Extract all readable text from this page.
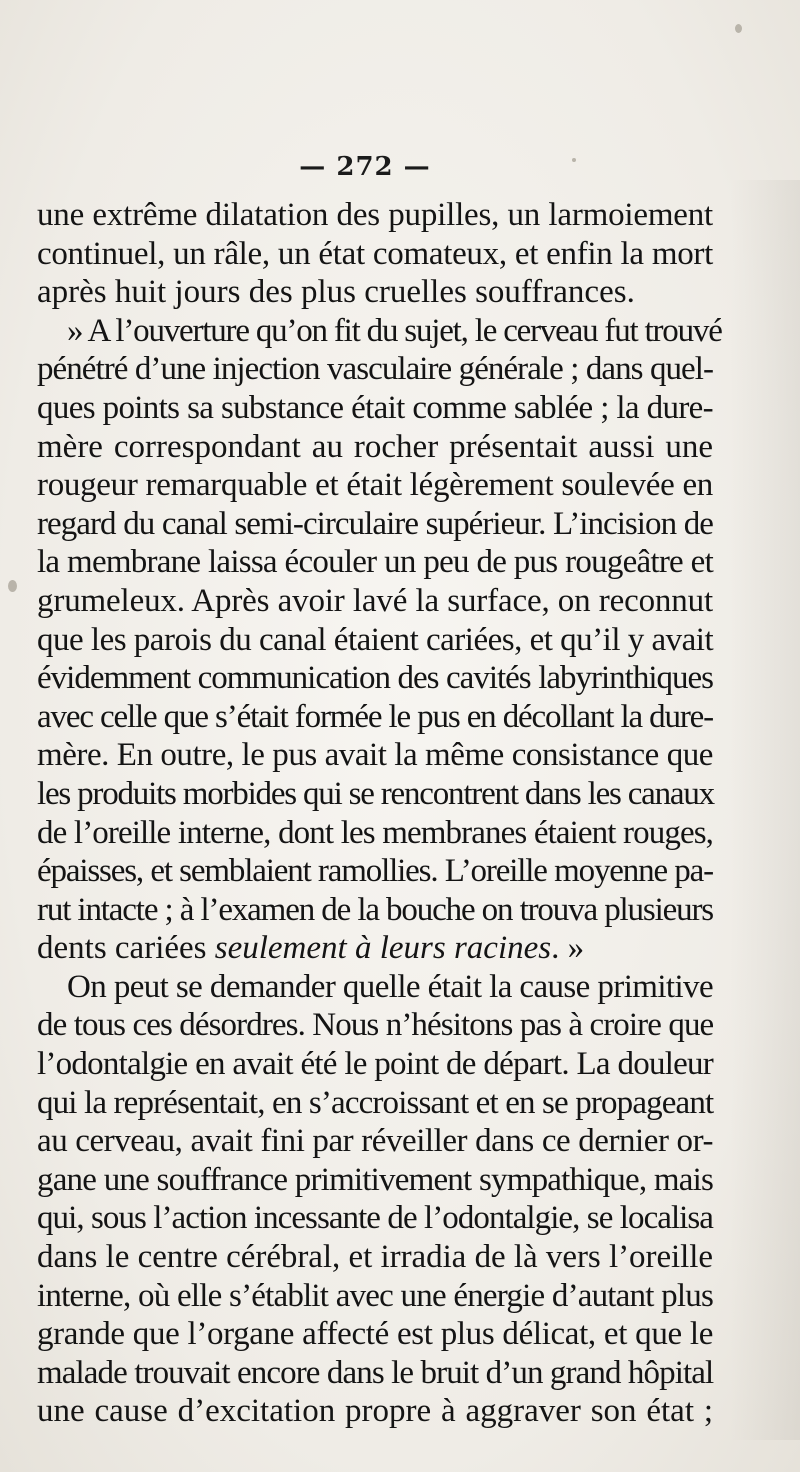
— 272 —
une extrême dilatation des pupilles, un larmoiement
continuel, un râle, un état comateux, et enfin la mort
après huit jours des plus cruelles souffrances.
» A l’ouverture qu’on fit du sujet, le cerveau fut trouvé
pénétré d’une injection vasculaire générale ; dans quel-
ques points sa substance était comme sablée ; la dure-
mère correspondant au rocher présentait aussi une
rougeur remarquable et était légèrement soulevée en
regard du canal semi-circulaire supérieur. L’incision de
la membrane laissa écouler un peu de pus rougeâtre et
grumeleux. Après avoir lavé la surface, on reconnut
que les parois du canal étaient cariées, et qu’il y avait
évidemment communication des cavités labyrinthiques
avec celle que s’était formée le pus en décollant la dure-
mère. En outre, le pus avait la même consistance que
les produits morbides qui se rencontrent dans les canaux
de l’oreille interne, dont les membranes étaient rouges,
épaisses, et semblaient ramollies. L’oreille moyenne pa-
rut intacte ; à l’examen de la bouche on trouva plusieurs
dents cariées seulement à leurs racines. »
On peut se demander quelle était la cause primitive
de tous ces désordres. Nous n’hésitons pas à croire que
l’odontalgie en avait été le point de départ. La douleur
qui la représentait, en s’accroissant et en se propageant
au cerveau, avait fini par réveiller dans ce dernier or-
gane une souffrance primitivement sympathique, mais
qui, sous l’action incessante de l’odontalgie, se localisa
dans le centre cérébral, et irradia de là vers l’oreille
interne, où elle s’établit avec une énergie d’autant plus
grande que l’organe affecté est plus délicat, et que le
malade trouvait encore dans le bruit d’un grand hôpital
une cause d’excitation propre à aggraver son état ;
